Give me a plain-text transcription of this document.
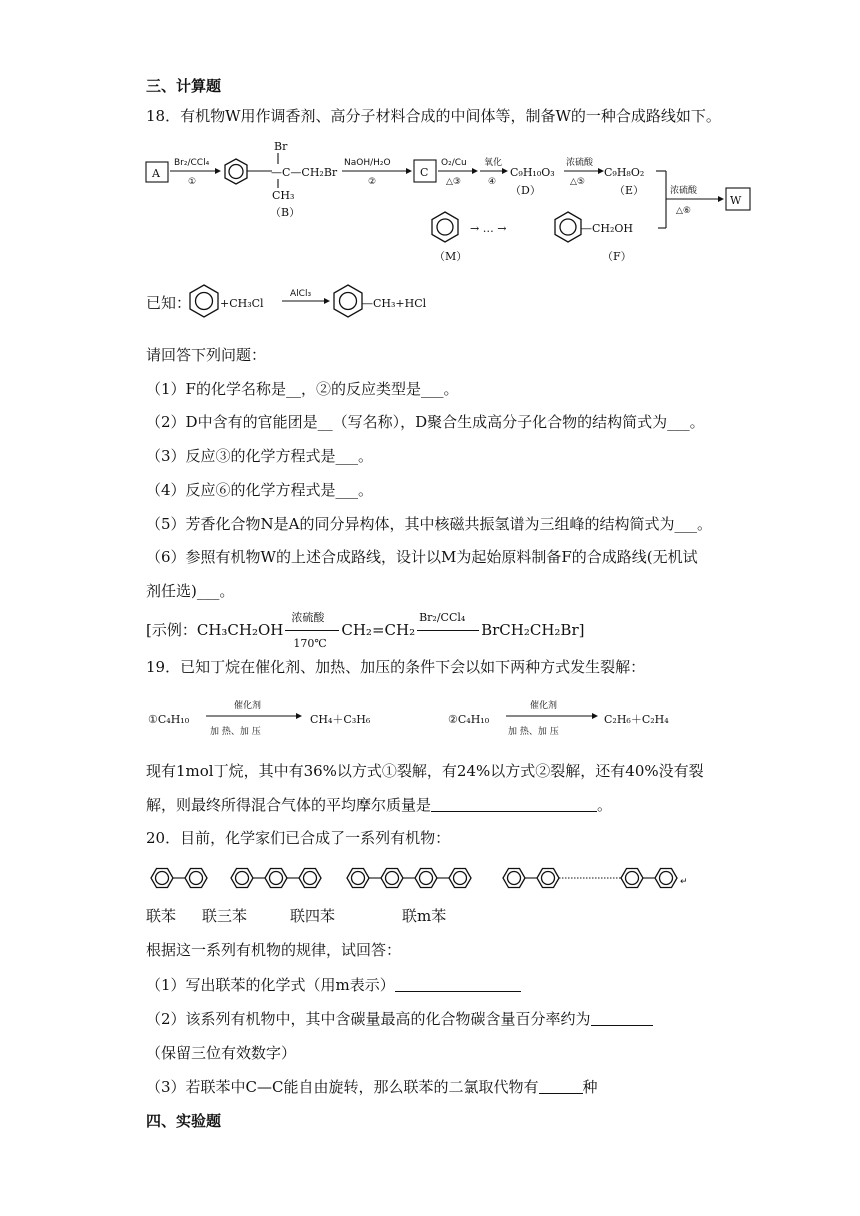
三、计算题
18．有机物W用作调香剂、高分子材料合成的中间体等，制备W的一种合成路线如下。
A
Br₂/CCl₄
①
Br
—C—CH₂Br
CH₃
（B）
NaOH/H₂O
②
C
O₂/Cu
△③
氧化
④
C₉H₁₀O₃
（D）
浓硫酸
△⑤
C₉H₈O₂
（E）	浓硫酸
△⑥
W
（M）
→ … →	—CH₂OH
（F）
已知：	+CH₃Cl
AlCl₃
—CH₃+HCl
请回答下列问题：
（1）F的化学名称是__，②的反应类型是___。
（2）D中含有的官能团是__（写名称），D聚合生成高分子化合物的结构简式为___。
（3）反应③的化学方程式是___。
（4）反应⑥的化学方程式是___。
（5）芳香化合物N是A的同分异构体，其中核磁共振氢谱为三组峰的结构简式为___。
（6）参照有机物W的上述合成路线，设计以M为起始原料制备F的合成路线(无机试
剂任选)___。
[示例：CH₃CH₂OH
浓硫酸
170℃
CH₂=CH₂
Br₂/CCl₄
BrCH₂CH₂Br]
19．已知丁烷在催化剂、加热、加压的条件下会以如下两种方式发生裂解：
①C₄H₁₀
催化剂
加 热、加 压
CH₄＋C₃H₆	②C₄H₁₀
催化剂
加 热、加 压
C₂H₆＋C₂H₄
现有1mol丁烷，其中有36%以方式①裂解，有24%以方式②裂解，还有40%没有裂
解，则最终所得混合气体的平均摩尔质量是	。
20．目前，化学家们已合成了一系列有机物：
↵
联苯 联三苯	联四苯	联m苯
根据这一系列有机物的规律，试回答：
（1）写出联苯的化学式（用m表示）
（2）该系列有机物中，其中含碳量最高的化合物碳含量百分率约为
（保留三位有效数字）
（3）若联苯中C—C能自由旋转，那么联苯的二氯取代物有	种
四、实验题
